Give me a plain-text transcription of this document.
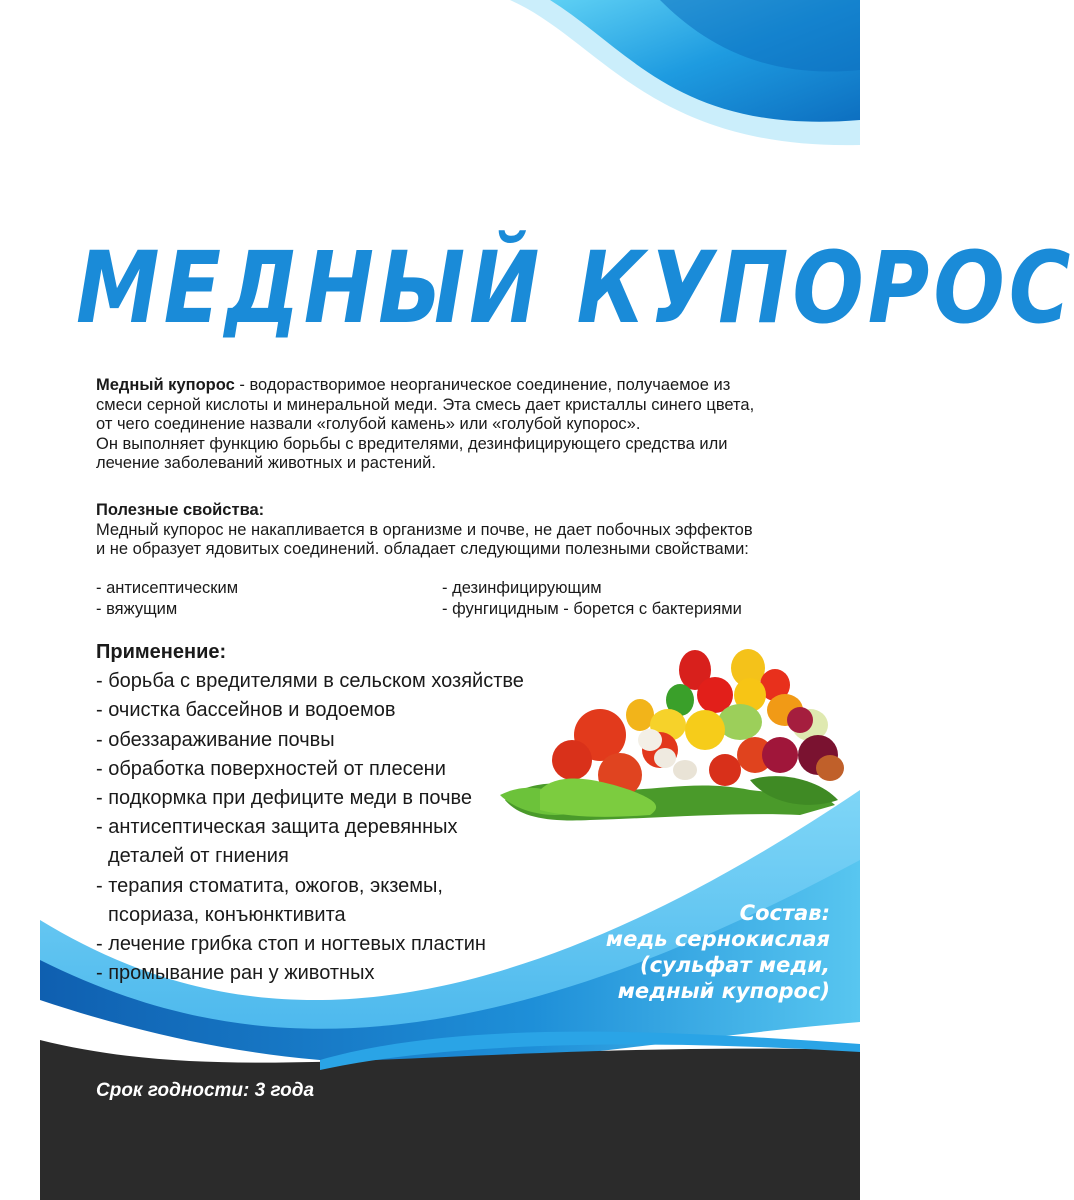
МЕДНЫЙ КУПОРОС
Медный купорос - водорастворимое неорганическое соединение, получаемое из
смеси серной кислоты и минеральной меди. Эта смесь дает кристаллы синего цвета,
от чего соединение назвали «голубой камень» или «голубой купорос».
Он выполняет функцию борьбы с вредителями, дезинфицирующего средства или
лечение заболеваний животных и растений.
Полезные свойства:
Медный купорос не накапливается в организме и почве, не дает побочных эффектов
и не образует ядовитых соединений. обладает следующими полезными свойствами:
- антисептическим
- вяжущим
- дезинфицирующим
- фунгицидным - борется с бактериями
Применение:
- борьба с вредителями в сельском хозяйстве
- очистка бассейнов и водоемов
- обеззараживание почвы
- обработка поверхностей от плесени
- подкормка при дефиците меди в почве
- антисептическая защита деревянных
деталей от гниения
- терапия стоматита, ожогов, экземы,
псориаза, конъюнктивита
- лечение грибка стоп и ногтевых пластин
- промывание ран у животных
Состав:
медь сернокислая
(сульфат меди,
медный купорос)
Срок годности: 3 года
